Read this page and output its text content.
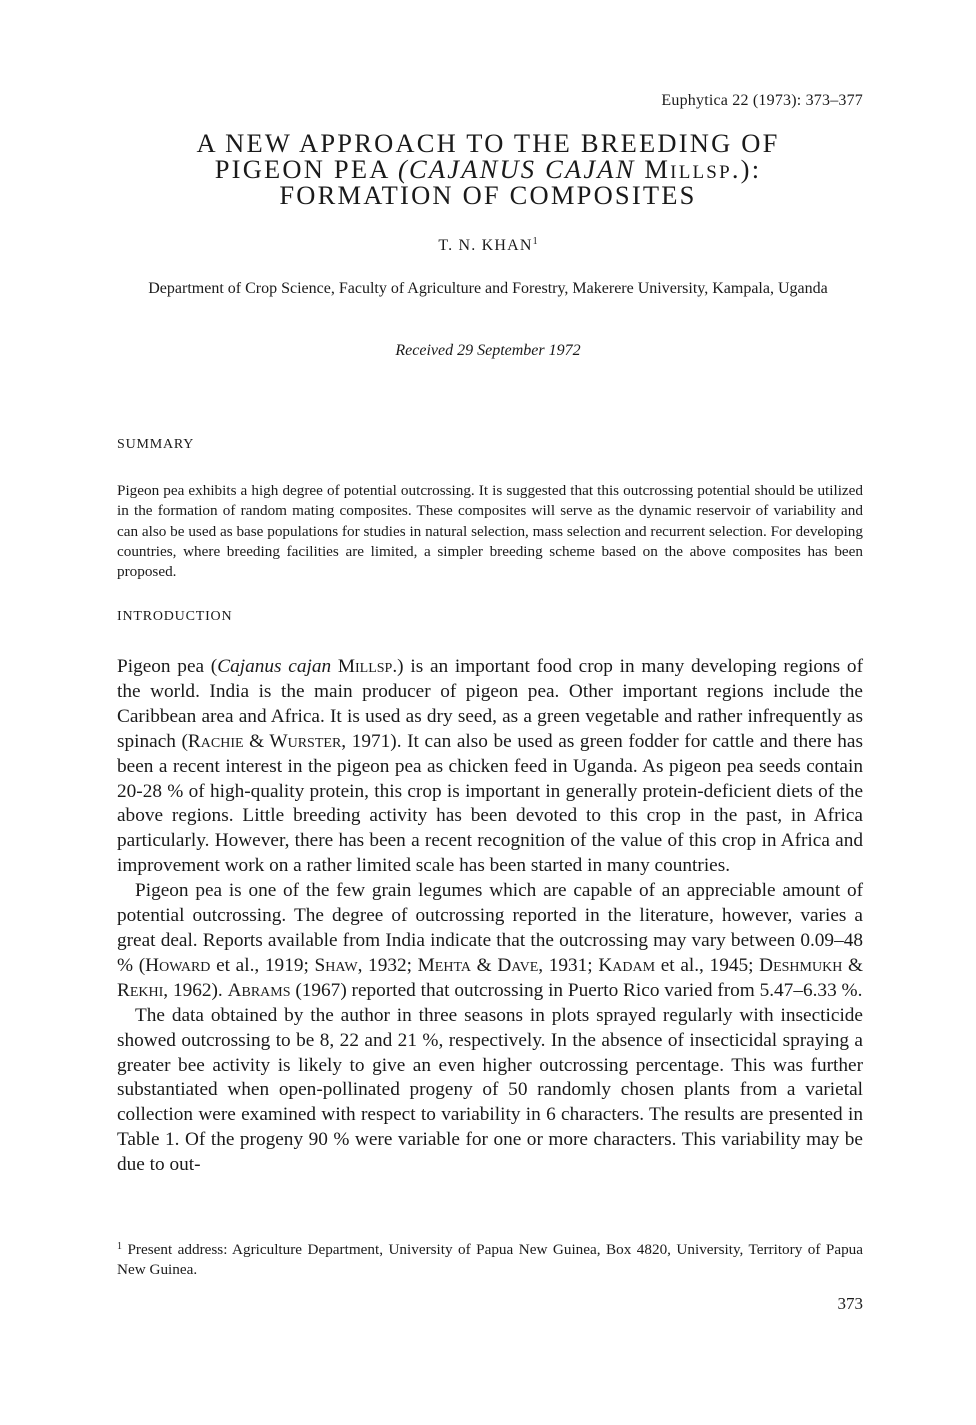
Euphytica 22 (1973): 373–377
A NEW APPROACH TO THE BREEDING OF
PIGEON PEA (CAJANUS CAJAN Millsp.):
FORMATION OF COMPOSITES
T. N. KHAN$^1$
Department of Crop Science, Faculty of Agriculture and Forestry, Makerere University, Kampala, Uganda
Received 29 September 1972
SUMMARY

Pigeon pea exhibits a high degree of potential outcrossing. It is suggested that this outcrossing potential should be utilized in the formation of random mating composites. These composites will serve as the dynamic reservoir of variability and can also be used as base populations for studies in natural selection, mass selection and recurrent selection. For developing countries, where breeding facilities are limited, a simpler breeding scheme based on the above composites has been proposed.

INTRODUCTION

Pigeon pea (Cajanus cajan Millsp.) is an important food crop in many developing regions of the world. India is the main producer of pigeon pea. Other important regions include the Caribbean area and Africa. It is used as dry seed, as a green vegetable and rather infrequently as spinach (Rachie & Wurster, 1971). It can also be used as green fodder for cattle and there has been a recent interest in the pigeon pea as chicken feed in Uganda. As pigeon pea seeds contain 20-28 % of high-quality protein, this crop is important in generally protein-deficient diets of the above regions. Little breeding activity has been devoted to this crop in the past, in Africa particularly. However, there has been a recent recognition of the value of this crop in Africa and improvement work on a rather limited scale has been started in many countries.

Pigeon pea is one of the few grain legumes which are capable of an appreciable amount of potential outcrossing. The degree of outcrossing reported in the literature, however, varies a great deal. Reports available from India indicate that the outcrossing may vary between 0.09–48 % (Howard et al., 1919; Shaw, 1932; Mehta & Dave, 1931; Kadam et al., 1945; Deshmukh & Rekhi, 1962). Abrams (1967) reported that outcrossing in Puerto Rico varied from 5.47–6.33 %.

The data obtained by the author in three seasons in plots sprayed regularly with insecticide showed outcrossing to be 8, 22 and 21 %, respectively. In the absence of insecticidal spraying a greater bee activity is likely to give an even higher outcrossing percentage. This was further substantiated when open-pollinated progeny of 50 randomly chosen plants from a varietal collection were examined with respect to variability in 6 characters. The results are presented in Table 1. Of the progeny 90 % were variable for one or more characters. This variability may be due to out-

$^1$ Present address: Agriculture Department, University of Papua New Guinea, Box 4820, University, Territory of Papua New Guinea.

373
